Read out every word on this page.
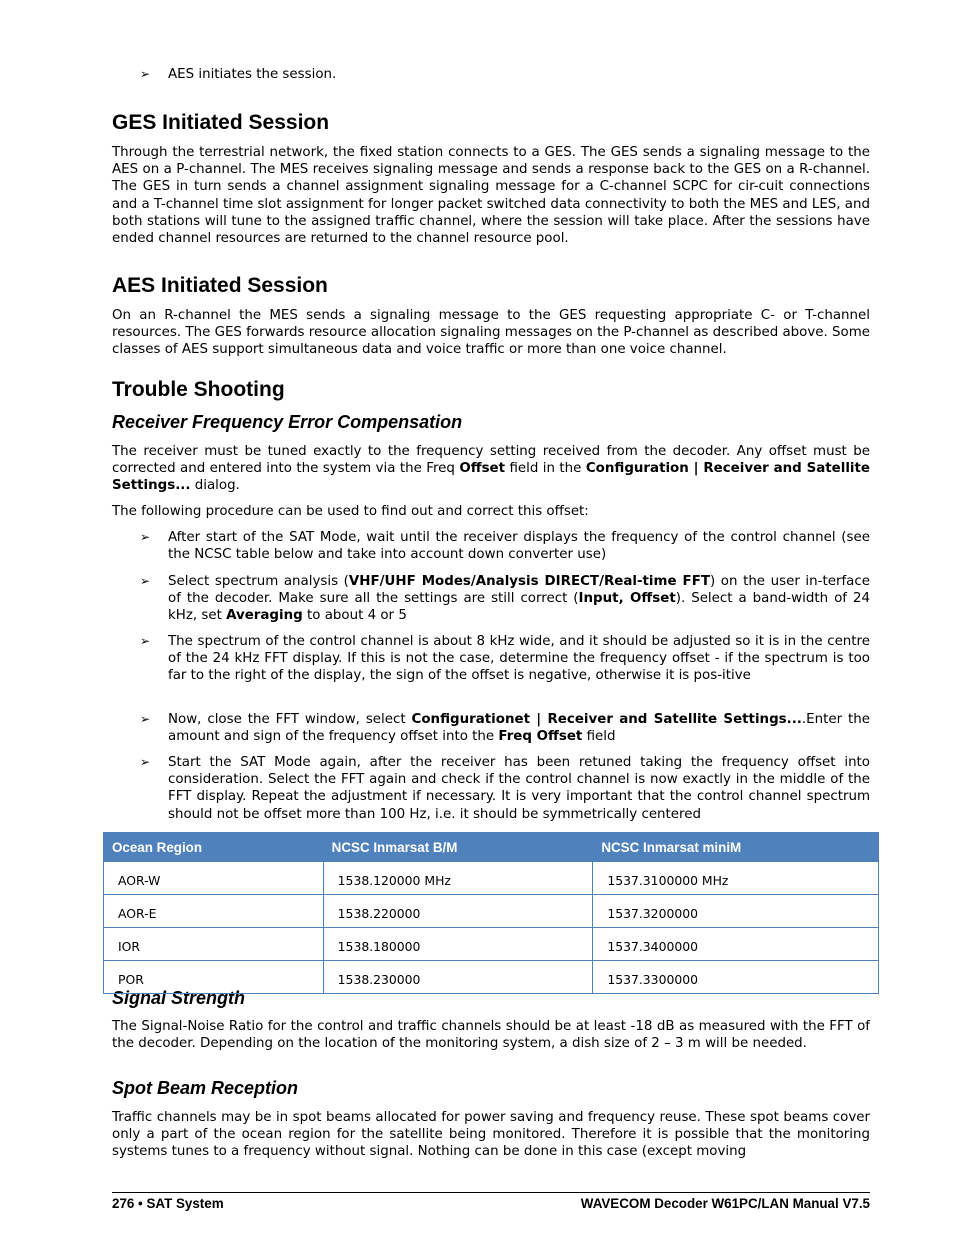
➢ AES initiates the session.

GES Initiated Session

Through the terrestrial network, the fixed station connects to a GES. The GES sends a signaling message to the AES on a P-channel. The MES receives signaling message and sends a response back to the GES on a R-channel. The GES in turn sends a channel assignment signaling message for a C-channel SCPC for cir-cuit connections and a T-channel time slot assignment for longer packet switched data connectivity to both the MES and LES, and both stations will tune to the assigned traffic channel, where the session will take place. After the sessions have ended channel resources are returned to the channel resource pool.

AES Initiated Session

On an R-channel the MES sends a signaling message to the GES requesting appropriate C- or T-channel resources. The GES forwards resource allocation signaling messages on the P-channel as described above. Some classes of AES support simultaneous data and voice traffic or more than one voice channel.

Trouble Shooting
Receiver Frequency Error Compensation

The receiver must be tuned exactly to the frequency setting received from the decoder. Any offset must be corrected and entered into the system via the Freq Offset field in the Configuration | Receiver and Satellite Settings... dialog.

The following procedure can be used to find out and correct this offset:

➢ After start of the SAT Mode, wait until the receiver displays the frequency of the control channel (see the NCSC table below and take into account down converter use)

➢ Select spectrum analysis (VHF/UHF Modes/Analysis DIRECT/Real-time FFT) on the user in-terface of the decoder. Make sure all the settings are still correct (Input, Offset). Select a band-width of 24 kHz, set Averaging to about 4 or 5

➢ The spectrum of the control channel is about 8 kHz wide, and it should be adjusted so it is in the centre of the 24 kHz FFT display. If this is not the case, determine the frequency offset - if the spectrum is too far to the right of the display, the sign of the offset is negative, otherwise it is pos-itive

➢ Now, close the FFT window, select Configurationet | Receiver and Satellite Settings....Enter the amount and sign of the frequency offset into the Freq Offset field

➢ Start the SAT Mode again, after the receiver has been retuned taking the frequency offset into consideration. Select the FFT again and check if the control channel is now exactly in the middle of the FFT display. Repeat the adjustment if necessary. It is very important that the control channel spectrum should not be offset more than 100 Hz, i.e. it should be symmetrically centered

Signal Strength

The Signal-Noise Ratio for the control and traffic channels should be at least -18 dB as measured with the FFT of the decoder. Depending on the location of the monitoring system, a dish size of 2 – 3 m will be needed.

Spot Beam Reception

Traffic channels may be in spot beams allocated for power saving and frequency reuse. These spot beams cover only a part of the ocean region for the satellite being monitored. Therefore it is possible that the monitoring systems tunes to a frequency without signal. Nothing can be done in this case (except moving

Ocean Region	NCSC Inmarsat B/M	NCSC Inmarsat miniM
AOR-W	1538.120000 MHz	1537.3100000 MHz
AOR-E	1538.220000	1537.3200000
IOR	1538.180000	1537.3400000
POR	1538.230000	1537.3300000
276 • SAT System	WAVECOM Decoder W61PC/LAN Manual V7.5
